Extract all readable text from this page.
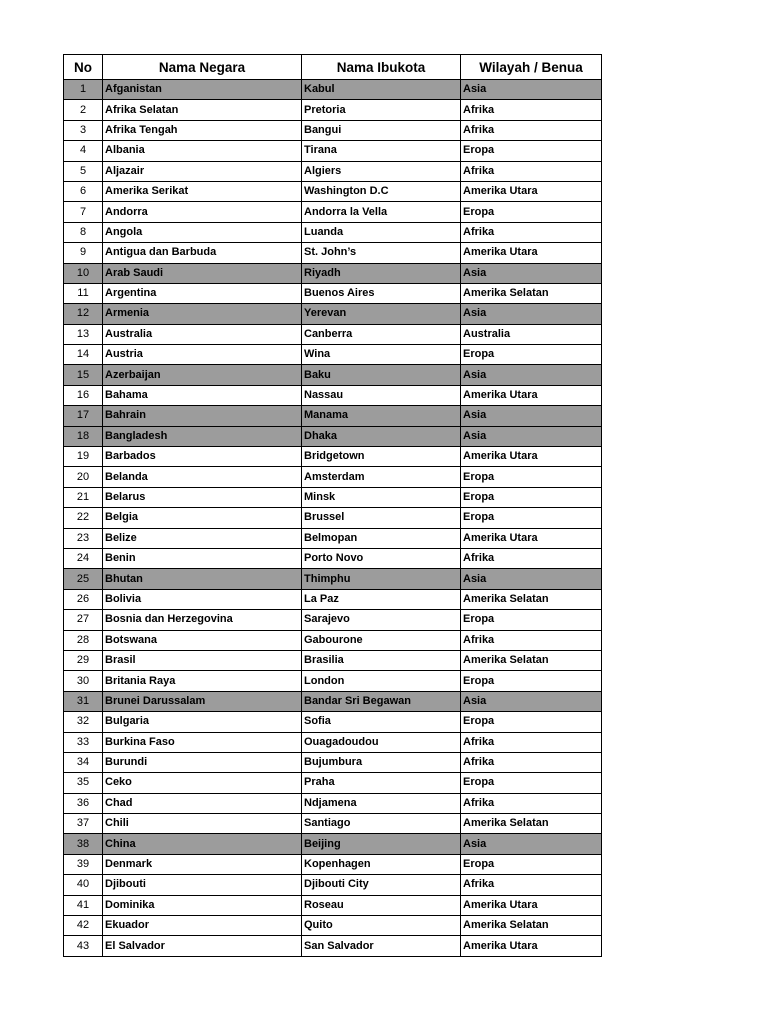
No	Nama Negara	Nama Ibukota	Wilayah / Benua
1	Afganistan	Kabul	Asia
2	Afrika Selatan	Pretoria	Afrika
3	Afrika Tengah	Bangui	Afrika
4	Albania	Tirana	Eropa
5	Aljazair	Algiers	Afrika
6	Amerika Serikat	Washington D.C	Amerika Utara
7	Andorra	Andorra la Vella	Eropa
8	Angola	Luanda	Afrika
9	Antigua dan Barbuda	St. John’s	Amerika Utara
10	Arab Saudi	Riyadh	Asia
11	Argentina	Buenos Aires	Amerika Selatan
12	Armenia	Yerevan	Asia
13	Australia	Canberra	Australia
14	Austria	Wina	Eropa
15	Azerbaijan	Baku	Asia
16	Bahama	Nassau	Amerika Utara
17	Bahrain	Manama	Asia
18	Bangladesh	Dhaka	Asia
19	Barbados	Bridgetown	Amerika Utara
20	Belanda	Amsterdam	Eropa
21	Belarus	Minsk	Eropa
22	Belgia	Brussel	Eropa
23	Belize	Belmopan	Amerika Utara
24	Benin	Porto Novo	Afrika
25	Bhutan	Thimphu	Asia
26	Bolivia	La Paz	Amerika Selatan
27	Bosnia dan Herzegovina	Sarajevo	Eropa
28	Botswana	Gabourone	Afrika
29	Brasil	Brasilia	Amerika Selatan
30	Britania Raya	London	Eropa
31	Brunei Darussalam	Bandar Sri Begawan	Asia
32	Bulgaria	Sofia	Eropa
33	Burkina Faso	Ouagadoudou	Afrika
34	Burundi	Bujumbura	Afrika
35	Ceko	Praha	Eropa
36	Chad	Ndjamena	Afrika
37	Chili	Santiago	Amerika Selatan
38	China	Beijing	Asia
39	Denmark	Kopenhagen	Eropa
40	Djibouti	Djibouti City	Afrika
41	Dominika	Roseau	Amerika Utara
42	Ekuador	Quito	Amerika Selatan
43	El Salvador	San Salvador	Amerika Utara
